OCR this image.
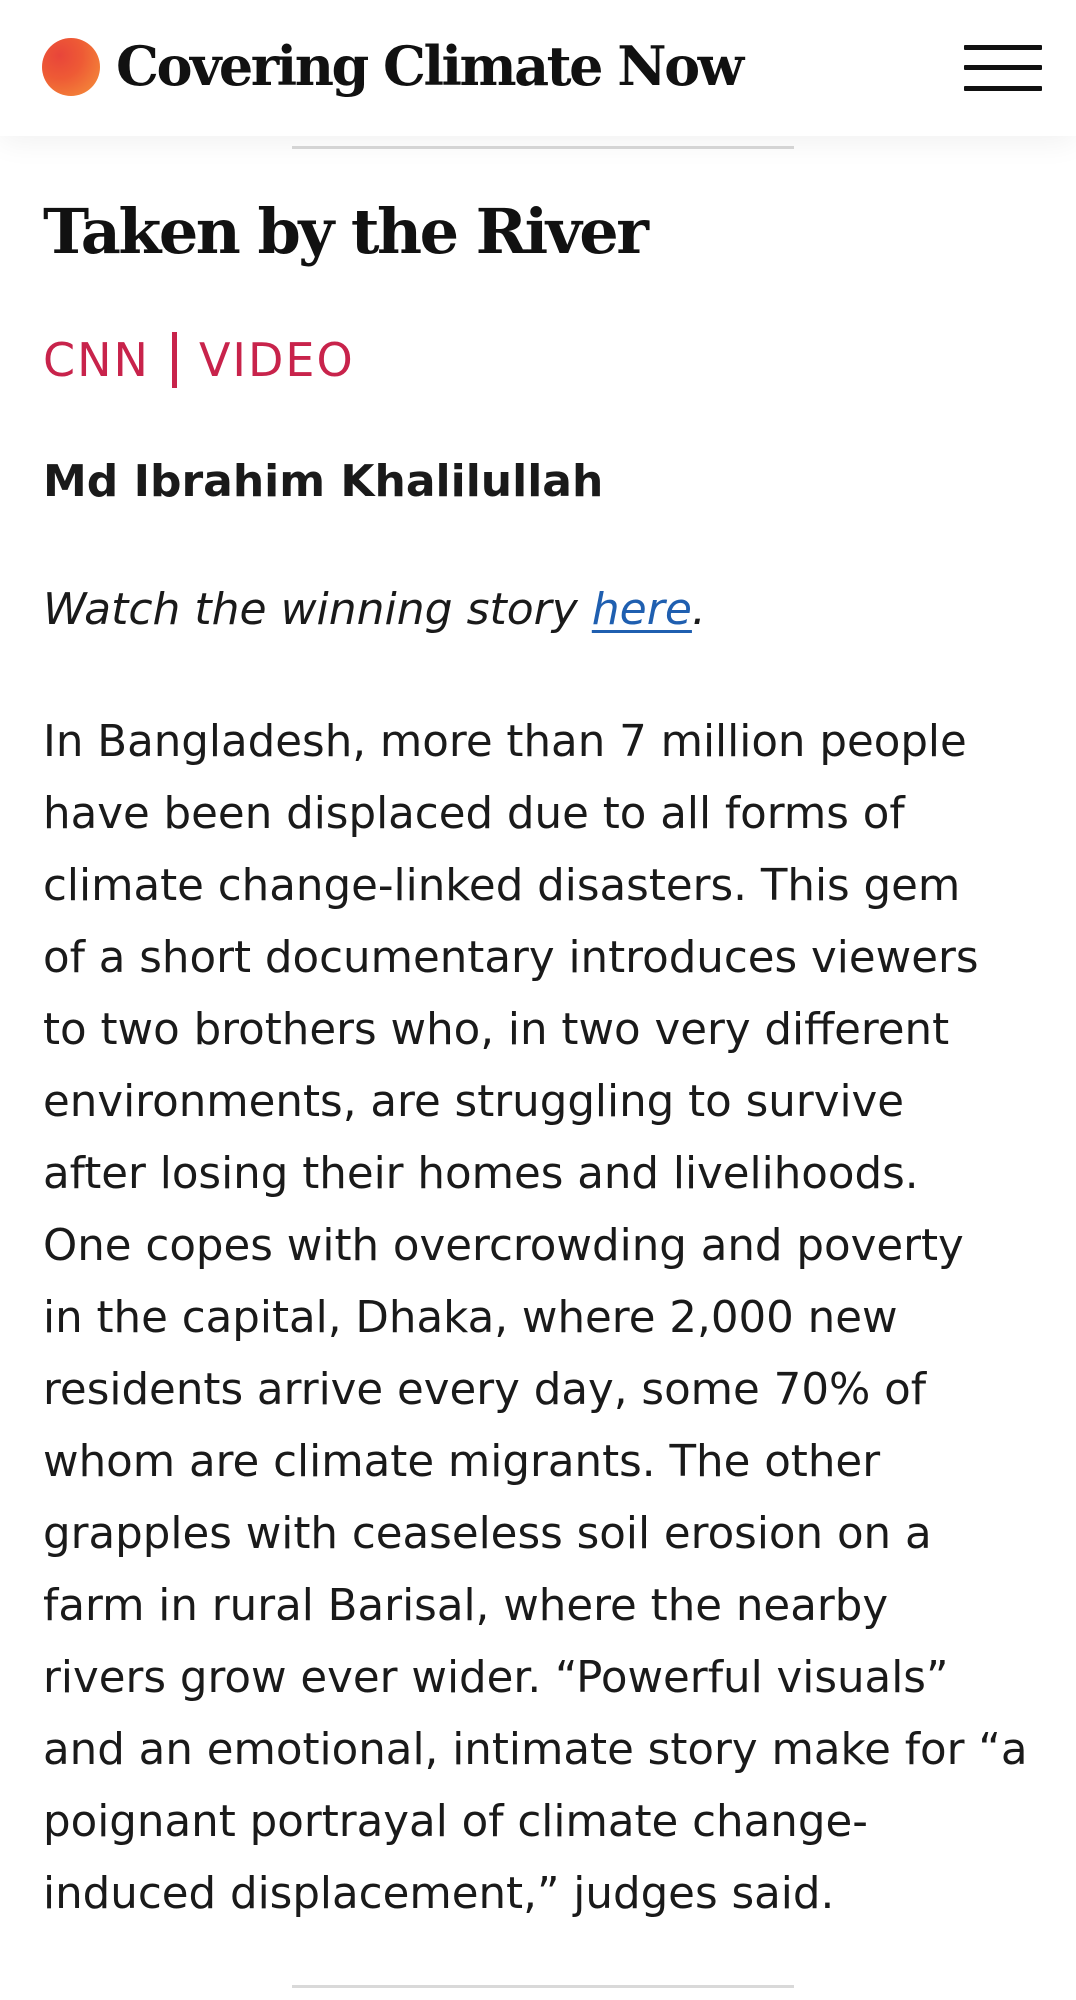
Covering Climate Now
Taken by the River
CNN VIDEO
Md Ibrahim Khalilullah
Watch the winning story here.

In Bangladesh, more than 7 million people
have been displaced due to all forms of
climate change-linked disasters. This gem
of a short documentary introduces viewers
to two brothers who, in two very different
environments, are struggling to survive
after losing their homes and livelihoods.
One copes with overcrowding and poverty
in the capital, Dhaka, where 2,000 new
residents arrive every day, some 70% of
whom are climate migrants. The other
grapples with ceaseless soil erosion on a
farm in rural Barisal, where the nearby
rivers grow ever wider. “Powerful visuals”
and an emotional, intimate story make for “a
poignant portrayal of climate change-
induced displacement,” judges said.
